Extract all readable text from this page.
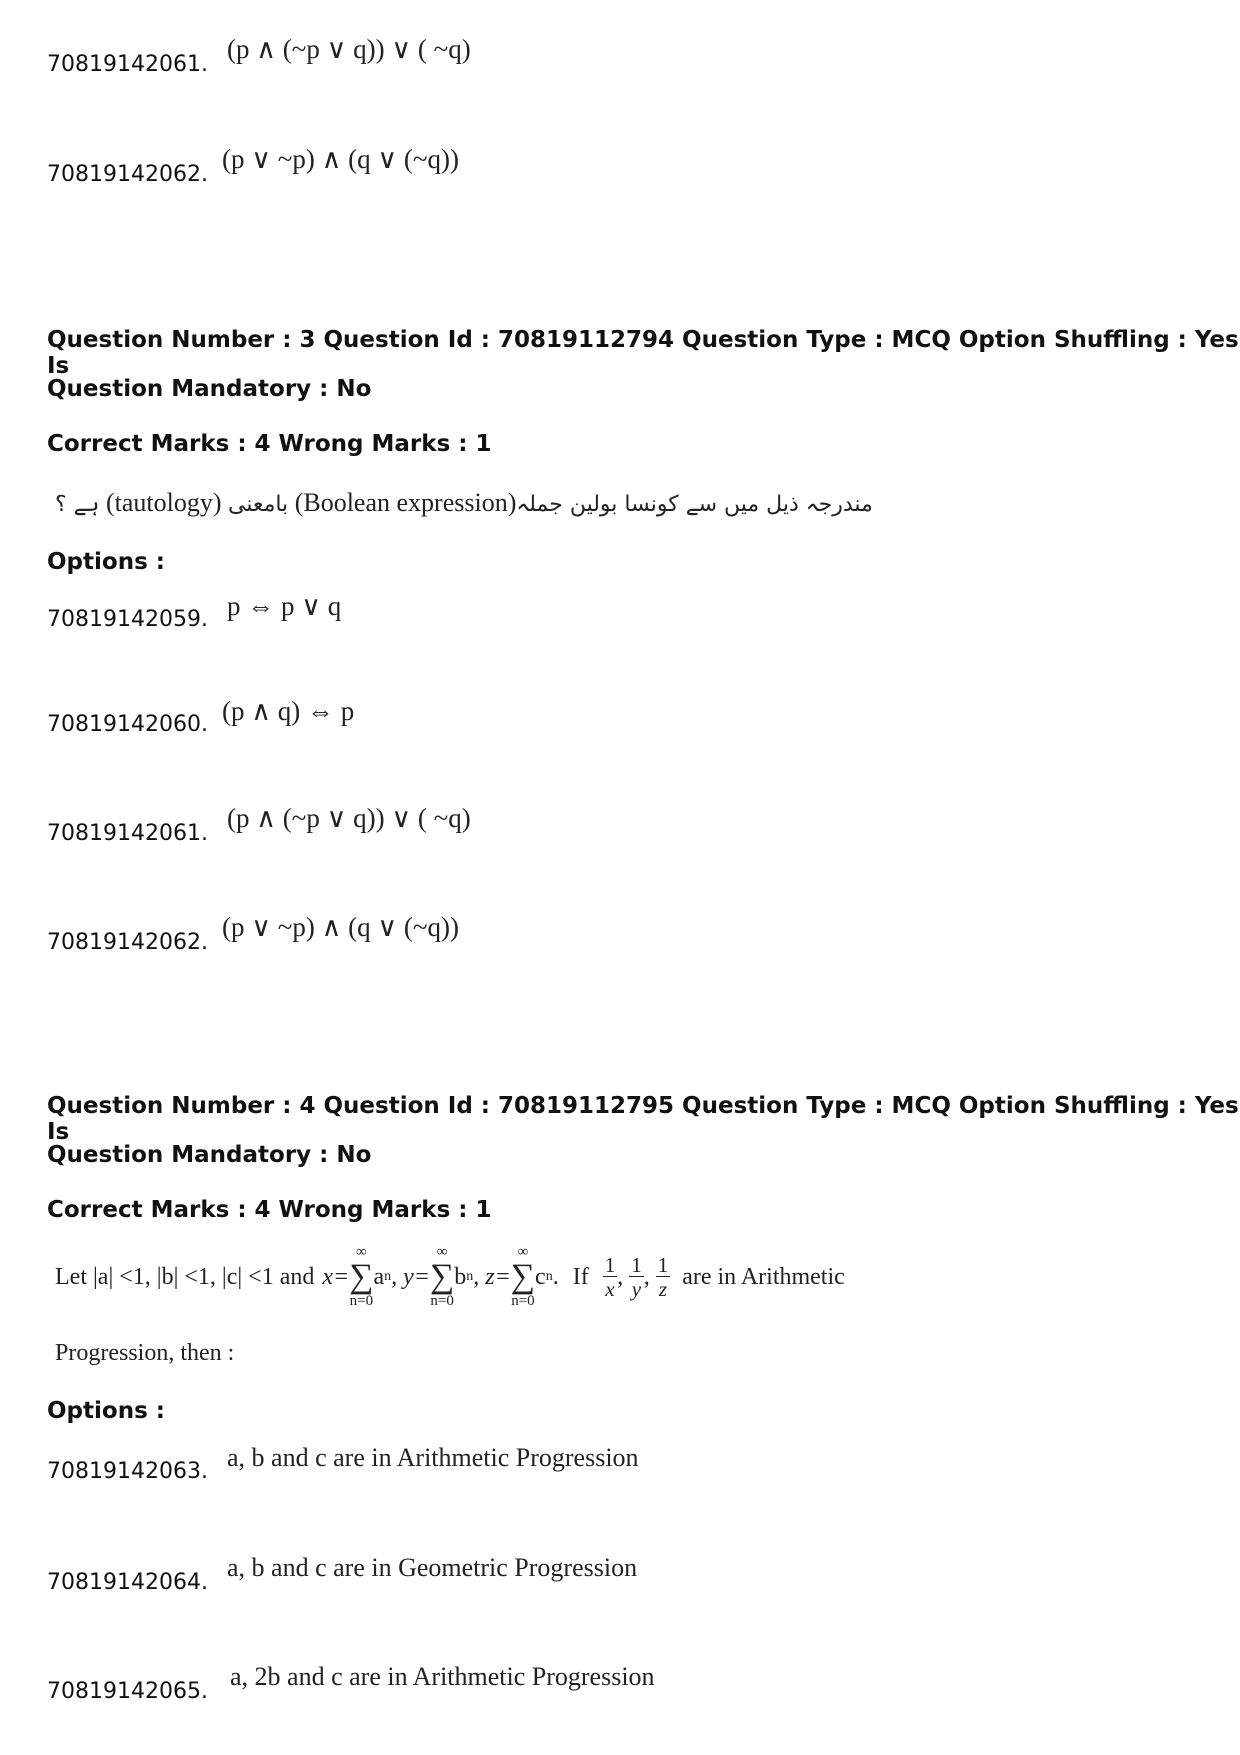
70819142061.
(p ∧ (~p ∨ q)) ∨ ( ~q)
70819142062.
(p ∨ ~p) ∧ (q ∨ (~q))
Question Number : 3 Question Id : 70819112794 Question Type : MCQ Option Shuffling : Yes Is
Question Mandatory : No
Correct Marks : 4 Wrong Marks : 1
ہے ؟ (tautology) بامعنی (Boolean expression)مندرجہ ذیل میں سے کونسا بولین جملہ
Options :
70819142059. p ⇔ p ∨ q
70819142060. (p ∧ q) ⇔ p
70819142061.
(p ∧ (~p ∨ q)) ∨ ( ~q)
70819142062.
(p ∨ ~p) ∧ (q ∨ (~q))
Question Number : 4 Question Id : 70819112795 Question Type : MCQ Option Shuffling : Yes Is
Question Mandatory : No
Correct Marks : 4 Wrong Marks : 1
Let |a| <1, |b| <1, |c| <1 and x=
∞
∑
n=0
a n , y=
∞
∑
n=0
b n , z=
∞
∑
n=0
c n . If $\frac{1}{x}$ , $\frac{1}{y}$ , $\frac{1}{z}$ are in Arithmetic
Progression, then :
Options :
70819142063. a, b and c are in Arithmetic Progression
70819142064.
a, b and c are in Geometric Progression
70819142065.
a, 2b and c are in Arithmetic Progression
